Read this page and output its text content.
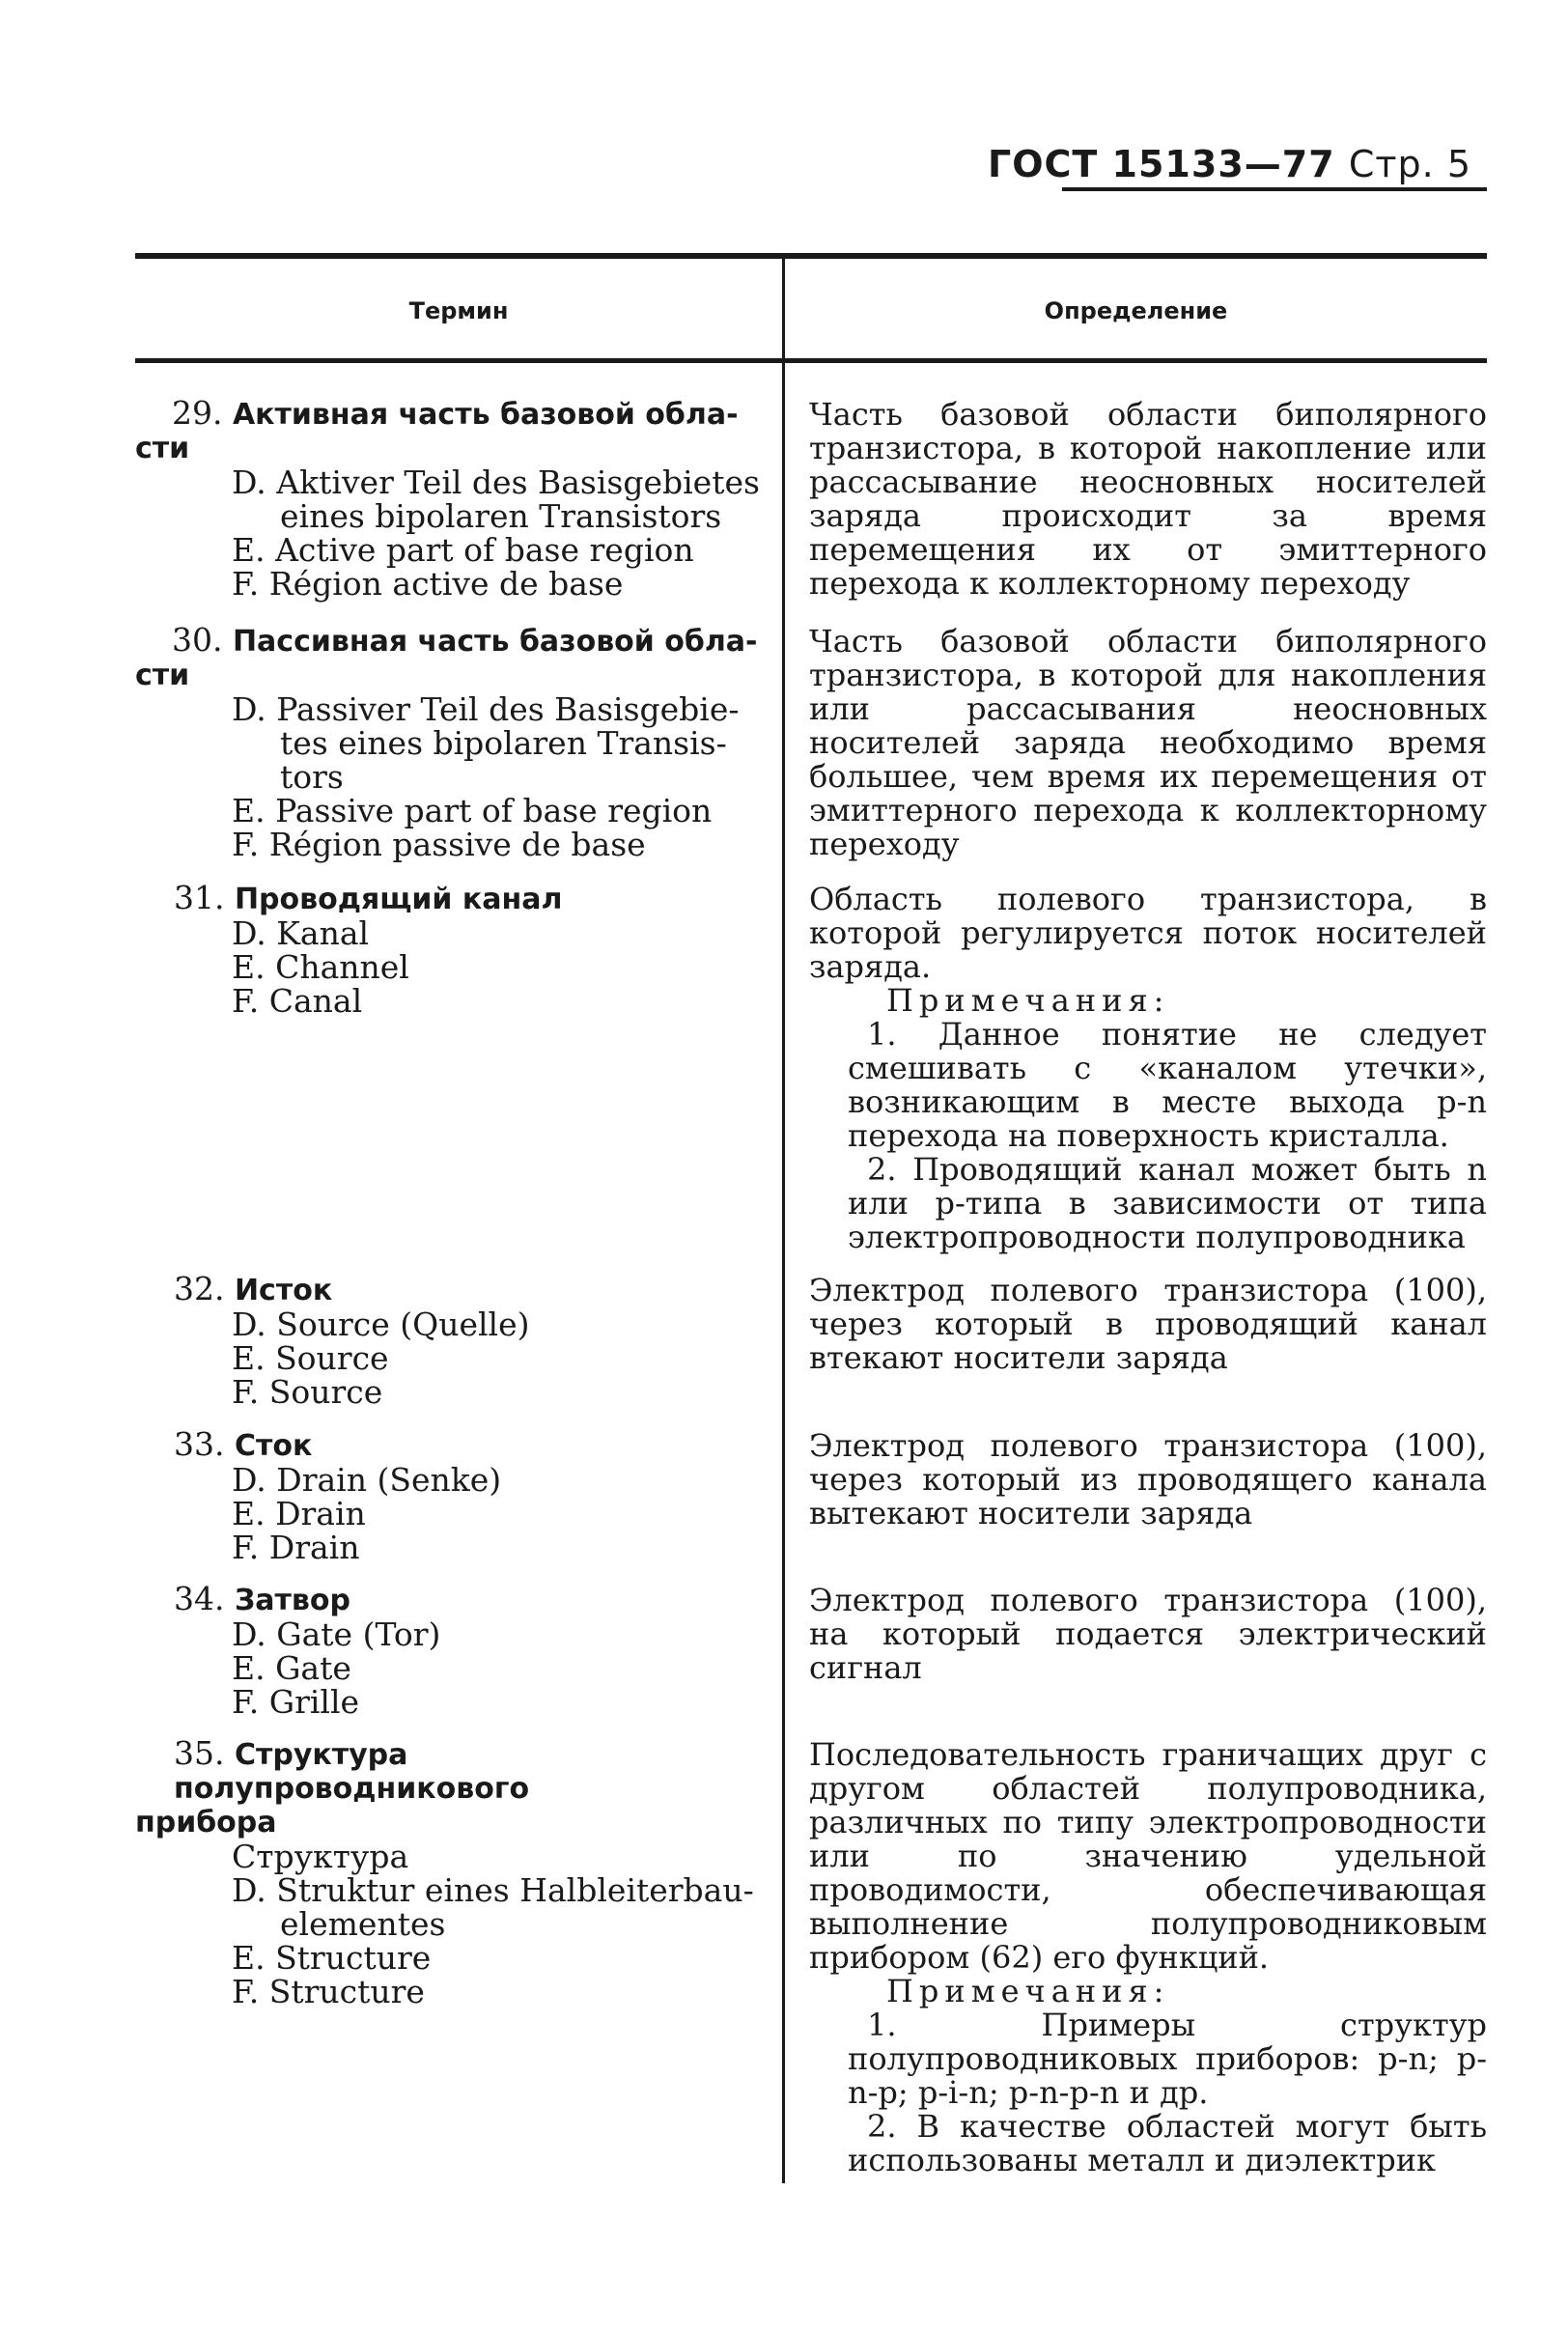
ГОСТ 15133—77 Стр. 5
Термин	Определение
29. Активная часть базовой обла-
сти
D. Aktiver Teil des Basisgebietes
eines bipolaren Transistors
E. Active part of base region
F. Région active de base
Часть базовой области биполярного транзистора, в которой накопление или рассасывание неосновных носителей заряда происходит за время перемещения их от эмиттерного перехода к коллекторному переходу
30. Пассивная часть базовой обла-
сти
D. Passiver Teil des Basisgebie-
tes eines bipolaren Transis-
tors
E. Passive part of base region
F. Région passive de base
Часть базовой области биполярного транзистора, в которой для накопления или рассасывания неосновных носителей заряда необходимо время большее, чем время их перемещения от эмиттерного перехода к коллекторному переходу
31. Проводящий канал
D. Kanal
E. Channel
F. Canal
Область полевого транзистора, в которой регулируется поток носителей заряда.
Примечания:
1. Данное понятие не следует смешивать с «каналом утечки», возникающим в месте выхода p-n перехода на поверхность кристалла.
2. Проводящий канал может быть n или p-типа в зависимости от типа электропроводности полупроводника
32. Исток
D. Source (Quelle)
E. Source
F. Source
Электрод полевого транзистора (100), через который в проводящий канал втекают носители заряда
33. Сток
D. Drain (Senke)
E. Drain
F. Drain
Электрод полевого транзистора (100), через который из проводящего канала вытекают носители заряда
34. Затвор
D. Gate (Tor)
E. Gate
F. Grille
Электрод полевого транзистора (100), на который подается электрический сигнал
35. Структура полупроводникового
прибора
Структура
D. Struktur eines Halbleiterbau-
elementes
E. Structure
F. Structure
Последовательность граничащих друг с другом областей полупроводника, различных по типу электропроводности или по значению удельной проводимости, обеспечивающая выполнение полупроводниковым прибором (62) его функций.
Примечания:
1. Примеры структур полупроводниковых приборов: p-n; p-n-p; p-i-n; p-n-p-n и др.
2. В качестве областей могут быть использованы металл и диэлектрик
